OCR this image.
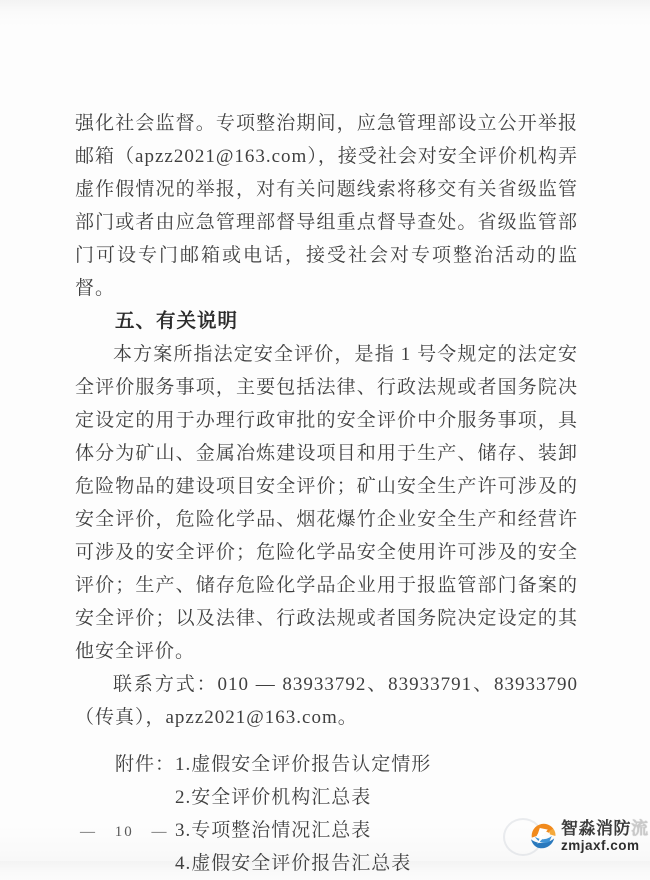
强化社会监督。专项整治期间，应急管理部设立公开举报邮箱（apzz2021@163.com），接受社会对安全评价机构弄虚作假情况的举报，对有关问题线索将移交有关省级监管部门或者由应急管理部督导组重点督导查处。省级监管部门可设专门邮箱或电话，接受社会对专项整治活动的监督。

五、有关说明

本方案所指法定安全评价，是指 1 号令规定的法定安全评价服务事项，主要包括法律、行政法规或者国务院决定设定的用于办理行政审批的安全评价中介服务事项，具体分为矿山、金属冶炼建设项目和用于生产、储存、装卸危险物品的建设项目安全评价；矿山安全生产许可涉及的安全评价，危险化学品、烟花爆竹企业安全生产和经营许可涉及的安全评价；危险化学品安全使用许可涉及的安全评价；生产、储存危险化学品企业用于报监管部门备案的安全评价；以及法律、行政法规或者国务院决定设定的其他安全评价。

联系方式：010 — 83933792、83933791、83933790（传真），apzz2021@163.com。

附件：1.虚假安全评价报告认定情形
2.安全评价机构汇总表
3.专项整治情况汇总表
4.虚假安全评价报告汇总表
— 10 —	智淼消防流
zmjaxf.com
